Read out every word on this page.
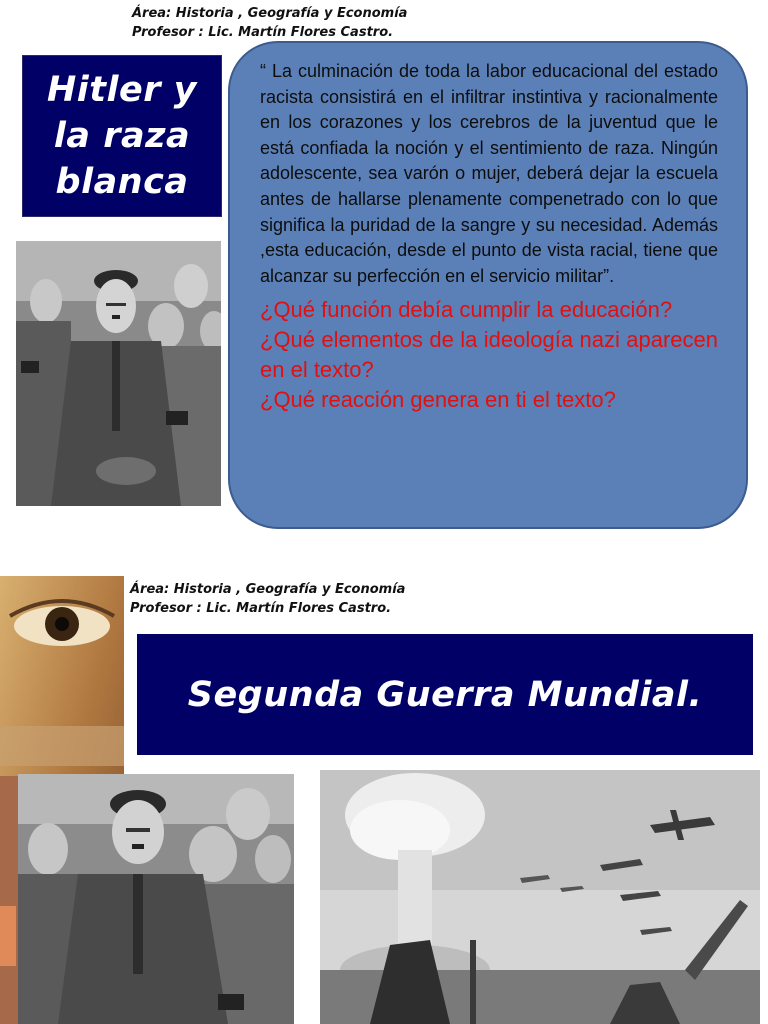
Área: Historia , Geografía y Economía
Profesor : Lic. Martín Flores Castro.
Hitler y
la raza
blanca

“ La culminación de toda la labor educacional del estado racista consistirá en el infiltrar instintiva y racionalmente en los corazones y los cerebros de la juventud que le está confiada la noción y el sentimiento de raza. Ningún adolescente, sea varón o mujer, deberá dejar la escuela antes de hallarse plenamente compenetrado con lo que significa la puridad de la sangre y su necesidad. Además ,esta educación, desde el punto de vista racial, tiene que alcanzar su perfección en el servicio militar”.

¿Qué función debía cumplir la educación?

¿Qué elementos de la ideología nazi aparecen en el texto?

¿Qué reacción genera en ti el texto?

Área: Historia , Geografía y Economía
Profesor : Lic. Martín Flores Castro.
Segunda Guerra Mundial.
